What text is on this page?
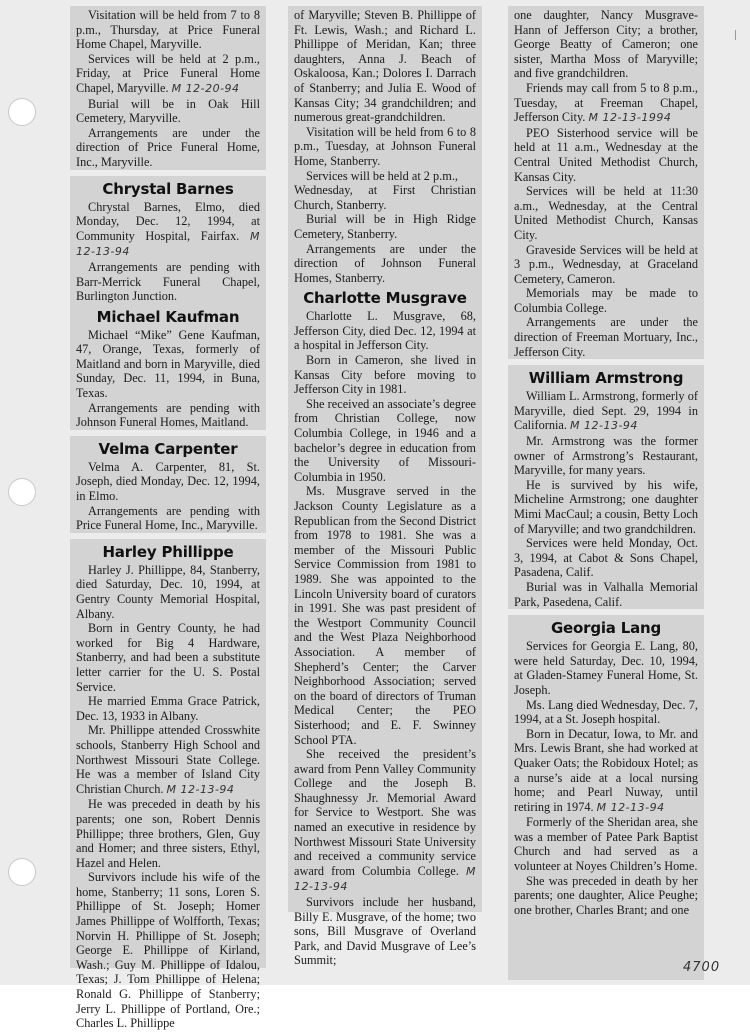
Visitation will be held from 7 to 8 p.m., Thursday, at Price Funeral Home Chapel, Maryville.

Services will be held at 2 p.m., Friday, at Price Funeral Home Chapel, Maryville. M 12-20-94

Burial will be in Oak Hill Cemetery, Maryville.

Arrangements are under the direction of Price Funeral Home, Inc., Maryville.

Chrystal Barnes

Chrystal Barnes, Elmo, died Monday, Dec. 12, 1994, at Community Hospital, Fairfax. M 12-13-94

Arrangements are pending with Barr-Merrick Funeral Chapel, Burlington Junction.

Michael Kaufman

Michael “Mike” Gene Kaufman, 47, Orange, Texas, formerly of Maitland and born in Maryville, died Sunday, Dec. 11, 1994, in Buna, Texas.

Arrangements are pending with Johnson Funeral Homes, Maitland.

Velma Carpenter

Velma A. Carpenter, 81, St. Joseph, died Monday, Dec. 12, 1994, in Elmo.

Arrangements are pending with Price Funeral Home, Inc., Maryville.

Harley Phillippe

Harley J. Phillippe, 84, Stanberry, died Saturday, Dec. 10, 1994, at Gentry County Memorial Hospital, Albany.

Born in Gentry County, he had worked for Big 4 Hardware, Stanberry, and had been a substitute letter carrier for the U. S. Postal Service.

He married Emma Grace Patrick, Dec. 13, 1933 in Albany.

Mr. Phillippe attended Crosswhite schools, Stanberry High School and Northwest Missouri State College. He was a member of Island City Christian Church. M 12-13-94

He was preceded in death by his parents; one son, Robert Dennis Phillippe; three brothers, Glen, Guy and Homer; and three sisters, Ethyl, Hazel and Helen.

Survivors include his wife of the home, Stanberry; 11 sons, Loren S. Phillippe of St. Joseph; Homer James Phillippe of Wolfforth, Texas; Norvin H. Phillippe of St. Joseph; George E. Phillippe of Kirland, Wash.; Guy M. Phillippe of Idalou, Texas; J. Tom Phillippe of Helena; Ronald G. Phillippe of Stanberry; Jerry L. Phillippe of Portland, Ore.; Charles L. Phillippe

of Maryville; Steven B. Phillippe of Ft. Lewis, Wash.; and Richard L. Phillippe of Meridan, Kan; three daughters, Anna J. Beach of Oskaloosa, Kan.; Dolores I. Darrach of Stanberry; and Julia E. Wood of Kansas City; 34 grandchildren; and numerous great-grandchildren.

Visitation will be held from 6 to 8 p.m., Tuesday, at Johnson Funeral Home, Stanberry.

Services will be held at 2 p.m.,

Wednesday, at First Christian Church, Stanberry.

Burial will be in High Ridge Cemetery, Stanberry.

Arrangements are under the direction of Johnson Funeral Homes, Stanberry.

Charlotte Musgrave

Charlotte L. Musgrave, 68, Jefferson City, died Dec. 12, 1994 at a hospital in Jefferson City.

Born in Cameron, she lived in Kansas City before moving to Jefferson City in 1981.

She received an associate’s degree from Christian College, now Columbia College, in 1946 and a bachelor’s degree in education from the University of Missouri-Columbia in 1950.

Ms. Musgrave served in the Jackson County Legislature as a Republican from the Second District from 1978 to 1981. She was a member of the Missouri Public Service Commission from 1981 to 1989. She was appointed to the Lincoln University board of curators in 1991. She was past president of the Westport Community Council and the West Plaza Neighborhood Association. A member of Shepherd’s Center; the Carver Neighborhood Association; served on the board of directors of Truman Medical Center; the PEO Sisterhood; and E. F. Swinney School PTA.

She received the president’s award from Penn Valley Community College and the Joseph B. Shaughnessy Jr. Memorial Award for Service to Westport. She was named an executive in residence by Northwest Missouri State University and received a community service award from Columbia College. M 12-13-94

Survivors include her husband, Billy E. Musgrave, of the home; two sons, Bill Musgrave of Overland Park, and David Musgrave of Lee’s Summit;

one daughter, Nancy Musgrave-Hann of Jefferson City; a brother, George Beatty of Cameron; one sister, Martha Moss of Maryville; and five grandchildren.

Friends may call from 5 to 8 p.m., Tuesday, at Freeman Chapel, Jefferson City. M 12-13-1994

PEO Sisterhood service will be held at 11 a.m., Wednesday at the Central United Methodist Church, Kansas City.

Services will be held at 11:30 a.m., Wednesday, at the Central United Methodist Church, Kansas City.

Graveside Services will be held at 3 p.m., Wednesday, at Graceland Cemetery, Cameron.

Memorials may be made to Columbia College.

Arrangements are under the direction of Freeman Mortuary, Inc., Jefferson City.

William Armstrong

William L. Armstrong, formerly of Maryville, died Sept. 29, 1994 in California. M 12-13-94

Mr. Armstrong was the former owner of Armstrong’s Restaurant, Maryville, for many years.

He is survived by his wife, Micheline Armstrong; one daughter Mimi MacCaul; a cousin, Betty Loch of Maryville; and two grandchildren.

Services were held Monday, Oct. 3, 1994, at Cabot & Sons Chapel, Pasadena, Calif.

Burial was in Valhalla Memorial Park, Pasedena, Calif.

Georgia Lang

Services for Georgia E. Lang, 80, were held Saturday, Dec. 10, 1994, at Gladen-Stamey Funeral Home, St. Joseph.

Ms. Lang died Wednesday, Dec. 7, 1994, at a St. Joseph hospital.

Born in Decatur, Iowa, to Mr. and Mrs. Lewis Brant, she had worked at Quaker Oats; the Robidoux Hotel; as a nurse’s aide at a local nursing home; and Pearl Nuway, until retiring in 1974. M 12-13-94

Formerly of the Sheridan area, she was a member of Patee Park Baptist Church and had served as a volunteer at Noyes Children’s Home.

She was preceded in death by her parents; one daughter, Alice Peughe; one brother, Charles Brant; and one

4700
